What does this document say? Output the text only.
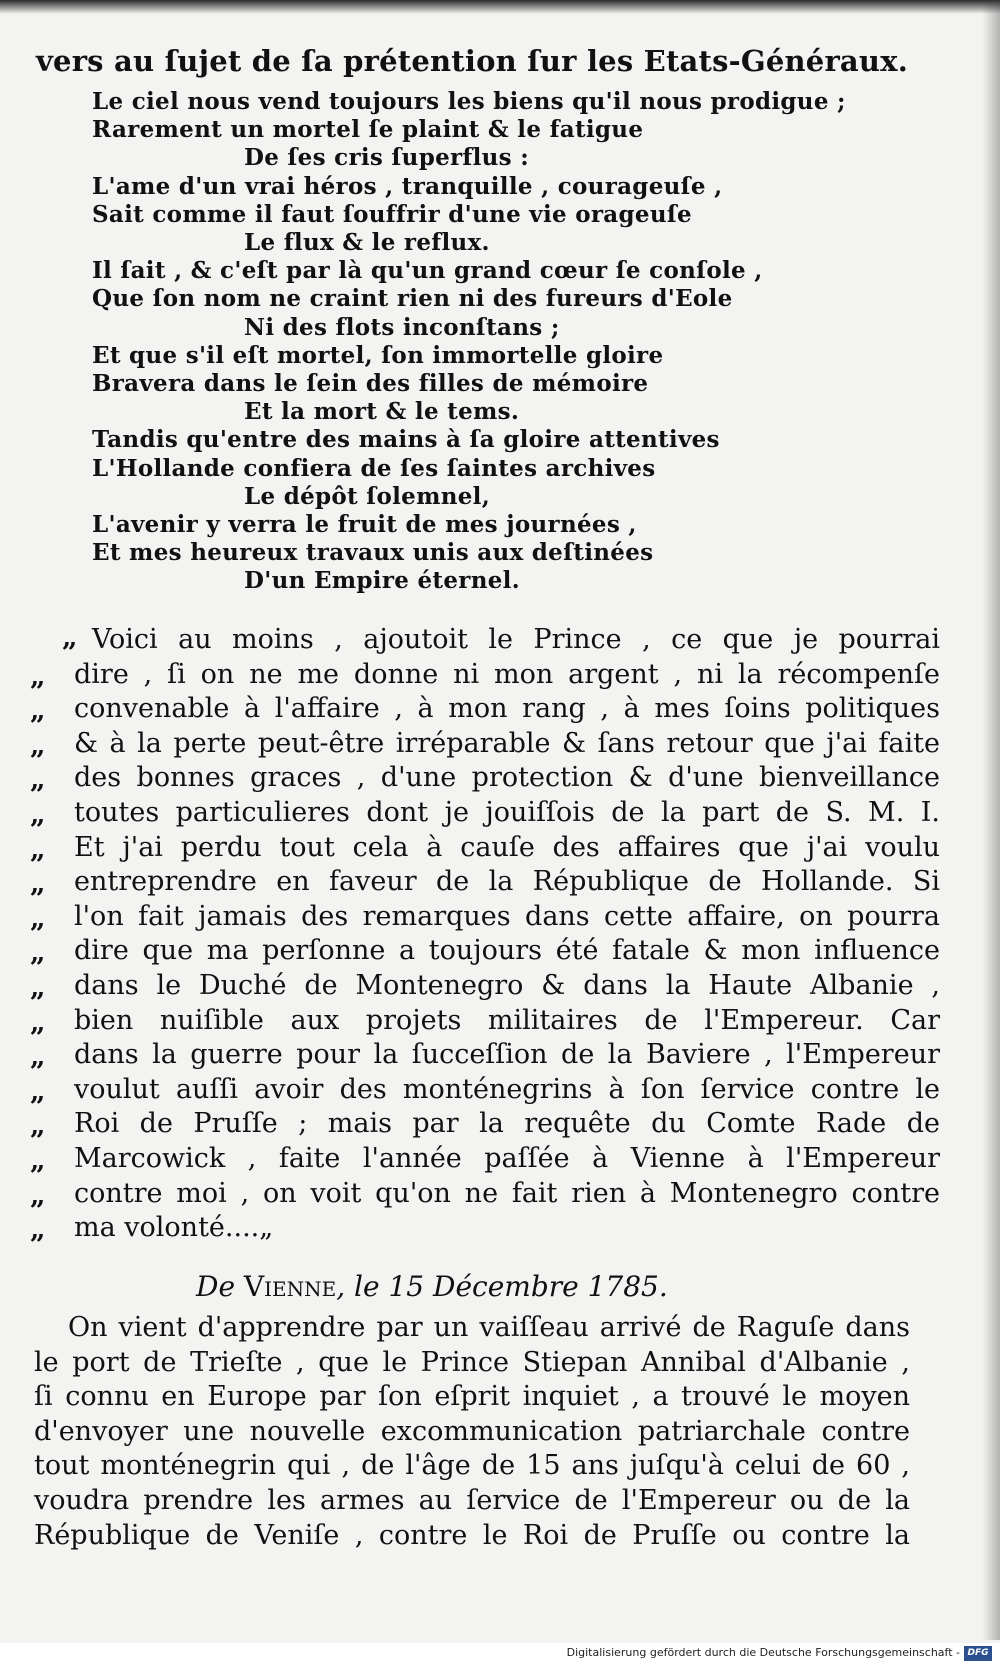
vers au ſujet de ſa prétention ſur les Etats-Généraux.
Le ciel nous vend toujours les biens qu'il nous prodigue ;
Rarement un mortel ſe plaint & le fatigue
De ſes cris ſuperflus :
L'ame d'un vrai héros , tranquille , courageuſe ,
Sait comme il faut ſouffrir d'une vie orageuſe
Le flux & le reflux.
Il ſait , & c'eſt par là qu'un grand cœur ſe conſole ,
Que ſon nom ne craint rien ni des fureurs d'Eole
Ni des flots inconſtans ;
Et que s'il eſt mortel, ſon immortelle gloire
Bravera dans le ſein des filles de mémoire
Et la mort & le tems.
Tandis qu'entre des mains à ſa gloire attentives
L'Hollande confiera de ſes ſaintes archives
Le dépôt ſolemnel,
L'avenir y verra le fruit de mes journées ,
Et mes heureux travaux unis aux deſtinées
D'un Empire éternel.
„ Voici au moins , ajoutoit le Prince , ce que je pourrai
„	dire , ſi on ne me donne ni mon argent , ni la récompenſe
„	convenable à l'affaire , à mon rang , à mes ſoins politiques
„	& à la perte peut-être irréparable & ſans retour que j'ai faite
„	des bonnes graces , d'une protection & d'une bienveillance
„	toutes particulieres dont je jouiſſois de la part de S. M. I.
„	Et j'ai perdu tout cela à cauſe des affaires que j'ai voulu
„	entreprendre en faveur de la République de Hollande. Si
„	l'on fait jamais des remarques dans cette affaire, on pourra
„	dire que ma perſonne a toujours été fatale & mon influence
„	dans le Duché de Montenegro & dans la Haute Albanie ,
„	bien nuiſible aux projets militaires de l'Empereur. Car
„	dans la guerre pour la ſucceſſion de la Baviere , l'Empereur
„	voulut auſſi avoir des monténegrins à ſon ſervice contre le
„	Roi de Pruſſe ; mais par la requête du Comte Rade de
„	Marcowick , faite l'année paſſée à Vienne à l'Empereur
„	contre moi , on voit qu'on ne fait rien à Montenegro contre
„	ma volonté....„
De Vienne, le 15 Décembre 1785.
On vient d'apprendre par un vaiſſeau arrivé de Raguſe dans
le port de Trieſte , que le Prince Stiepan Annibal d'Albanie ,
ſi connu en Europe par ſon eſprit inquiet , a trouvé le moyen
d'envoyer une nouvelle excommunication patriarchale contre
tout monténegrin qui , de l'âge de 15 ans juſqu'à celui de 60 ,
voudra prendre les armes au ſervice de l'Empereur ou de la
République de Veniſe , contre le Roi de Pruſſe ou contre la
Digitalisierung gefördert durch die Deutsche Forschungsgemeinschaft - DFG
